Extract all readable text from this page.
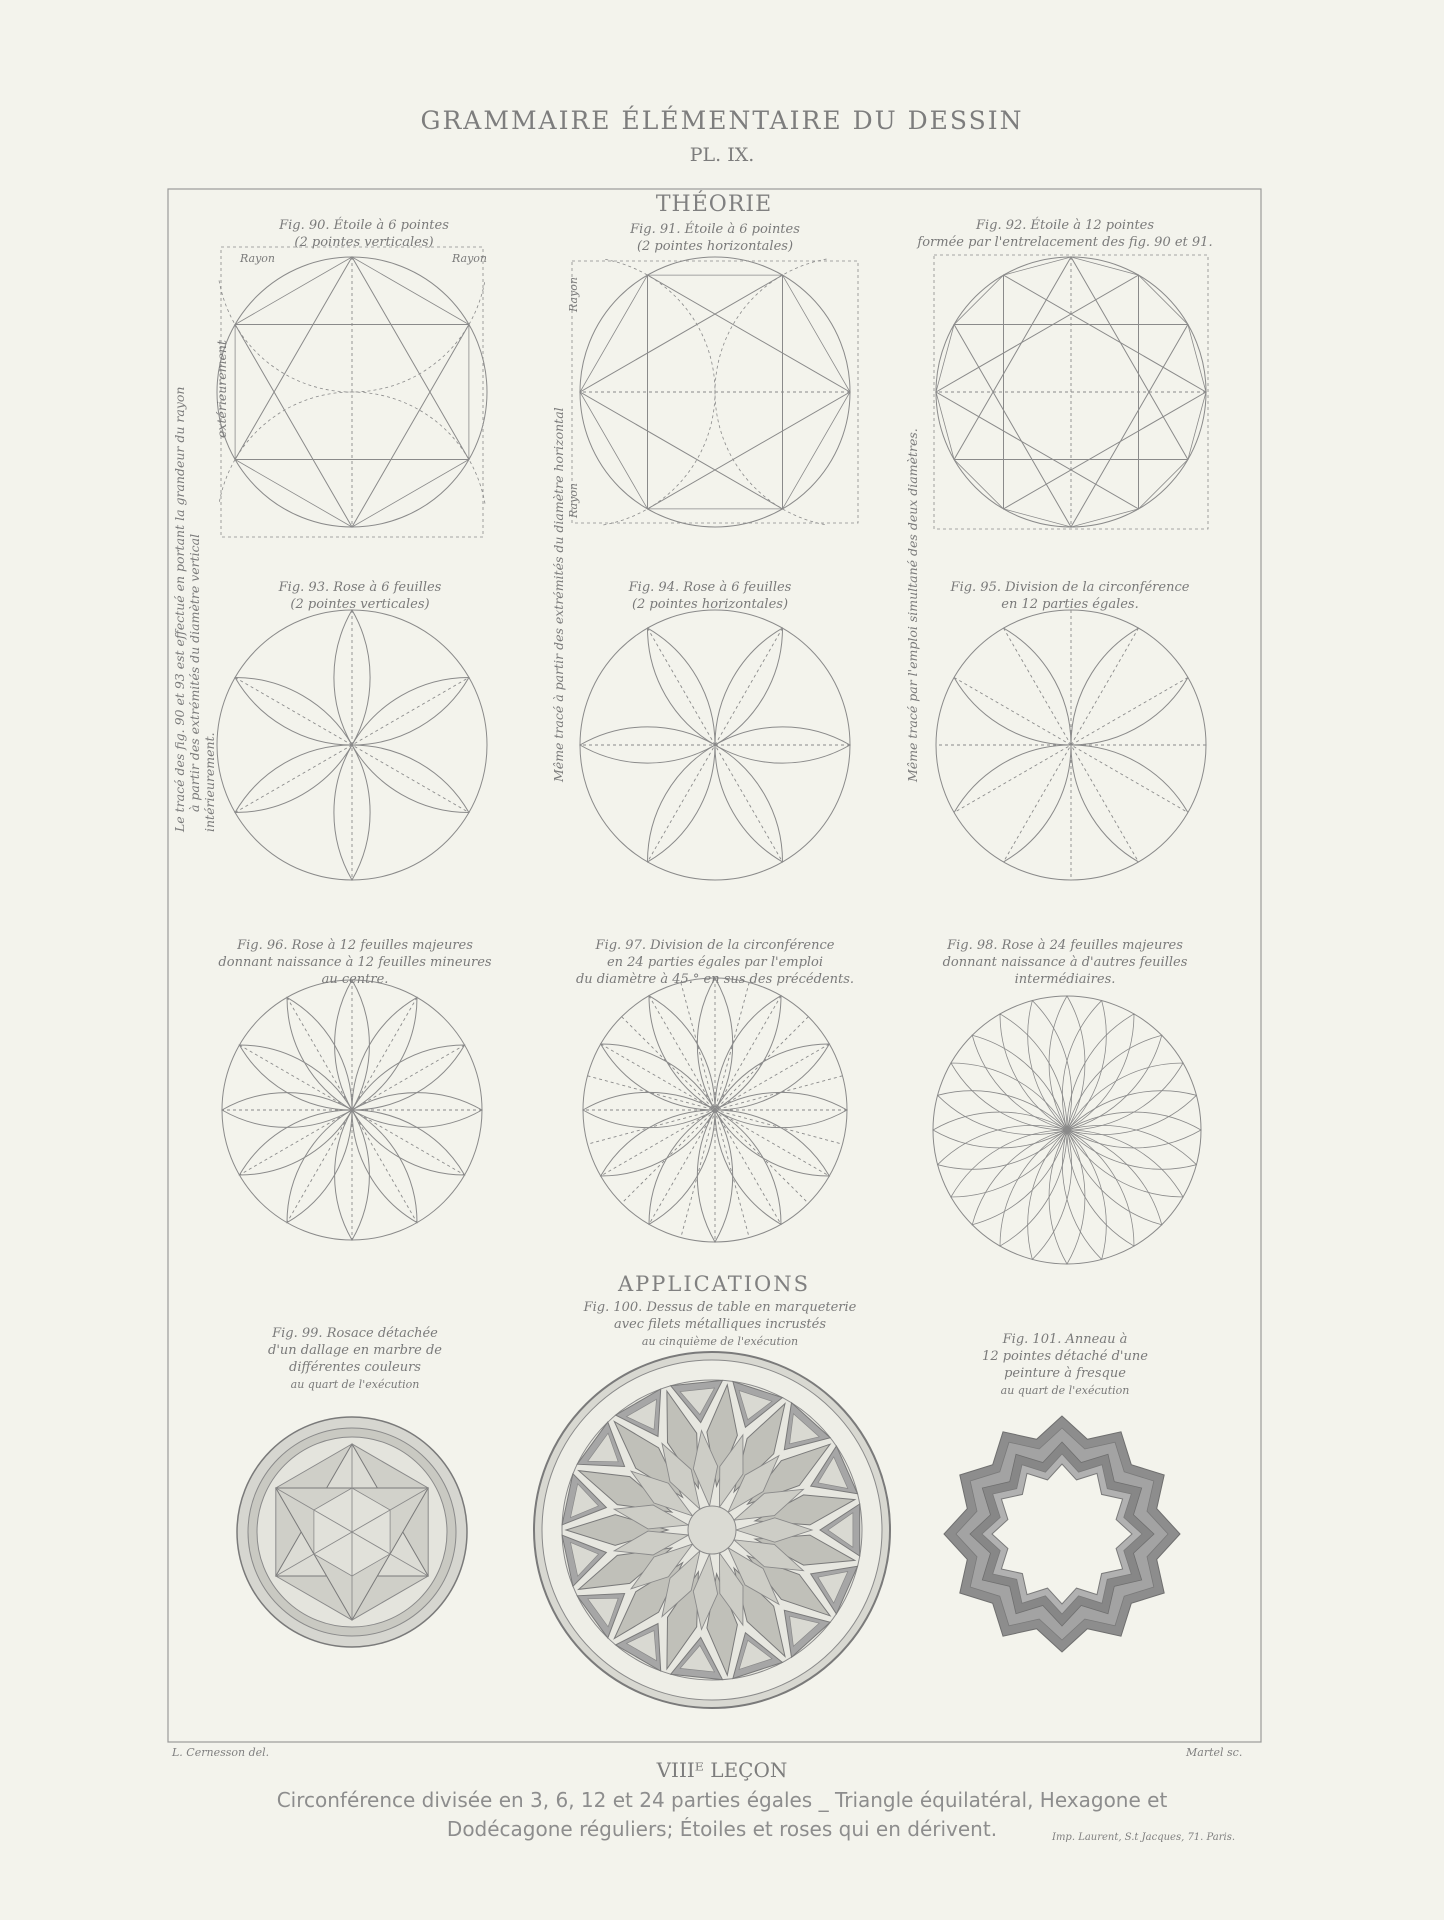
GRAMMAIRE ÉLÉMENTAIRE DU DESSIN
PL. IX.
THÉORIE
APPLICATIONS
Fig. 90. Étoile à 6 pointes
(2 pointes verticales)
Rayon	Rayon
Fig. 91. Étoile à 6 pointes
(2 pointes horizontales)
Rayon
Rayon
Fig. 92. Étoile à 12 pointes
formée par l'entrelacement des fig. 90 et 91.
Fig. 93. Rose à 6 feuilles
(2 pointes verticales)
Fig. 94. Rose à 6 feuilles
(2 pointes horizontales)
Fig. 95. Division de la circonférence
en 12 parties égales.
Fig. 96. Rose à 12 feuilles majeures
donnant naissance à 12 feuilles mineures
au centre.
Fig. 97. Division de la circonférence
en 24 parties égales par l'emploi
du diamètre à 45.° en sus des précédents.
Fig. 98. Rose à 24 feuilles majeures
donnant naissance à d'autres feuilles
intermédiaires.
Fig. 99. Rosace détachée
d'un dallage en marbre de
différentes couleurs
au quart de l'exécution
Fig. 100. Dessus de table en marqueterie
avec filets métalliques incrustés
au cinquième de l'exécution	Fig. 101. Anneau à
12 pointes détaché d'une
peinture à fresque
au quart de l'exécution
Le tracé des fig. 90 et 93 est effectué en portant la grandeur du rayon à partir des extrémités du diamètre vertical intérieurement.
extérieurement
Même tracé à partir des extrémités du diamètre horizontal	Même tracé par l'emploi simultané des deux diamètres.
L. Cernesson del.	Martel sc.
VIIIᴱ LEÇON
Circonférence divisée en 3, 6, 12 et 24 parties égales _ Triangle équilatéral, Hexagone et
Dodécagone réguliers; Étoiles et roses qui en dérivent.	Imp. Laurent, S.t Jacques, 71. Paris.
